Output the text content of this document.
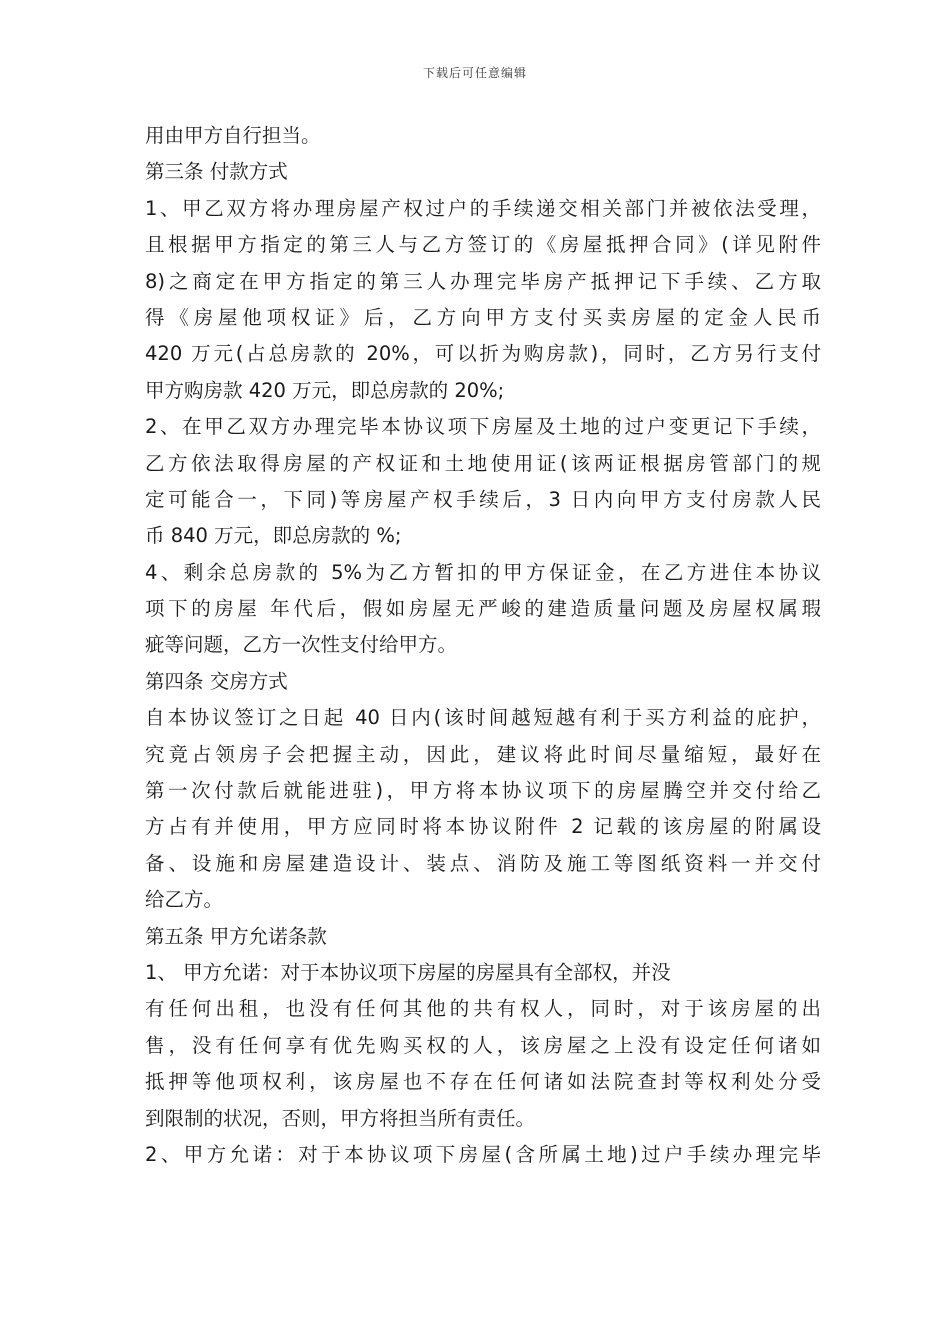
下载后可任意编辑
用由甲方自行担当。
第三条 付款方式
1、甲乙双方将办理房屋产权过户的手续递交相关部门并被依法受理，
且根据甲方指定的第三人与乙方签订的《房屋抵押合同》(详见附件
8)之商定在甲方指定的第三人办理完毕房产抵押记下手续、乙方取
得《房屋他项权证》后，乙方向甲方支付买卖房屋的定金人民币
420 万元(占总房款的 20%，可以折为购房款)，同时，乙方另行支付
甲方购房款 420 万元，即总房款的 20%;
2、在甲乙双方办理完毕本协议项下房屋及土地的过户变更记下手续，
乙方依法取得房屋的产权证和土地使用证(该两证根据房管部门的规
定可能合一，下同)等房屋产权手续后，3 日内向甲方支付房款人民
币 840 万元，即总房款的 %;
4、剩余总房款的 5%为乙方暂扣的甲方保证金，在乙方进住本协议
项下的房屋 年代后，假如房屋无严峻的建造质量问题及房屋权属瑕
疵等问题，乙方一次性支付给甲方。
第四条 交房方式
自本协议签订之日起 40 日内(该时间越短越有利于买方利益的庇护，
究竟占领房子会把握主动，因此，建议将此时间尽量缩短，最好在
第一次付款后就能进驻)，甲方将本协议项下的房屋腾空并交付给乙
方占有并使用，甲方应同时将本协议附件 2 记载的该房屋的附属设
备、设施和房屋建造设计、装点、消防及施工等图纸资料一并交付
给乙方。
第五条 甲方允诺条款
1、 甲方允诺：对于本协议项下房屋的房屋具有全部权，并没
有任何出租，也没有任何其他的共有权人，同时，对于该房屋的出
售，没有任何享有优先购买权的人，该房屋之上没有设定任何诸如
抵押等他项权利，该房屋也不存在任何诸如法院查封等权利处分受
到限制的状况，否则，甲方将担当所有责任。
2、甲方允诺：对于本协议项下房屋(含所属土地)过户手续办理完毕
